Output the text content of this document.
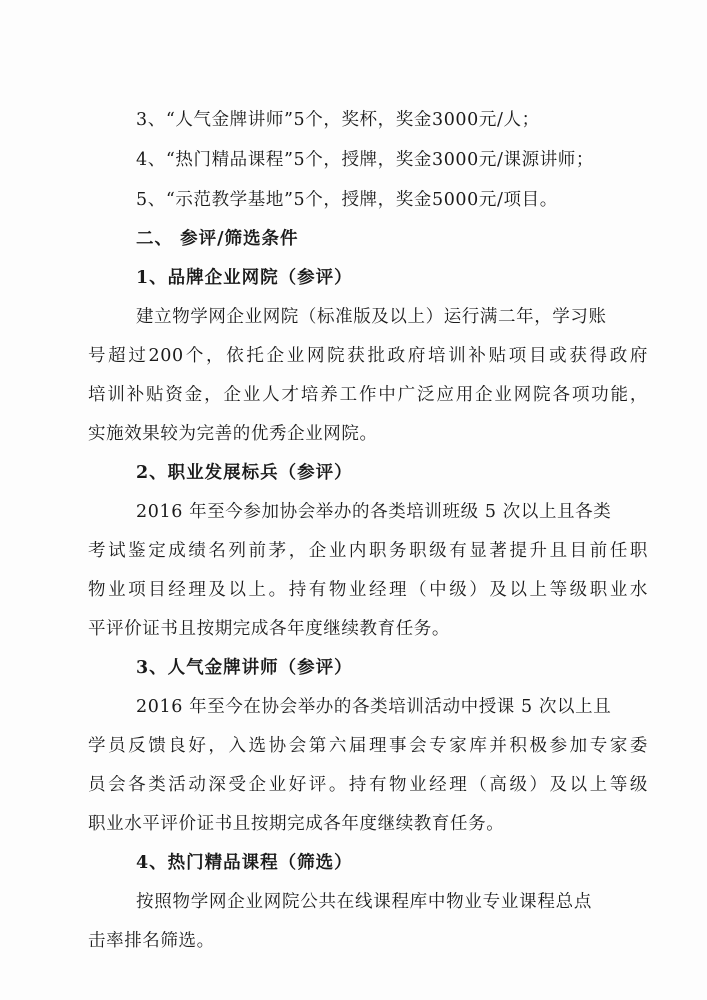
3、“人气金牌讲师”5个，奖杯，奖金3000元/人；
4、“热门精品课程”5个，授牌，奖金3000元/课源讲师；
5、“示范教学基地”5个，授牌，奖金5000元/项目。
二、 参评/筛选条件
1、品牌企业网院（参评）
建立物学网企业网院（标准版及以上）运行满二年，学习账
号超过200个，依托企业网院获批政府培训补贴项目或获得政府
培训补贴资金，企业人才培养工作中广泛应用企业网院各项功能，
实施效果较为完善的优秀企业网院。
2、职业发展标兵（参评）
2016 年至今参加协会举办的各类培训班级 5 次以上且各类
考试鉴定成绩名列前茅，企业内职务职级有显著提升且目前任职
物业项目经理及以上。持有物业经理（中级）及以上等级职业水
平评价证书且按期完成各年度继续教育任务。
3、人气金牌讲师（参评）
2016 年至今在协会举办的各类培训活动中授课 5 次以上且
学员反馈良好，入选协会第六届理事会专家库并积极参加专家委
员会各类活动深受企业好评。持有物业经理（高级）及以上等级
职业水平评价证书且按期完成各年度继续教育任务。
4、热门精品课程（筛选）
按照物学网企业网院公共在线课程库中物业专业课程总点
击率排名筛选。
